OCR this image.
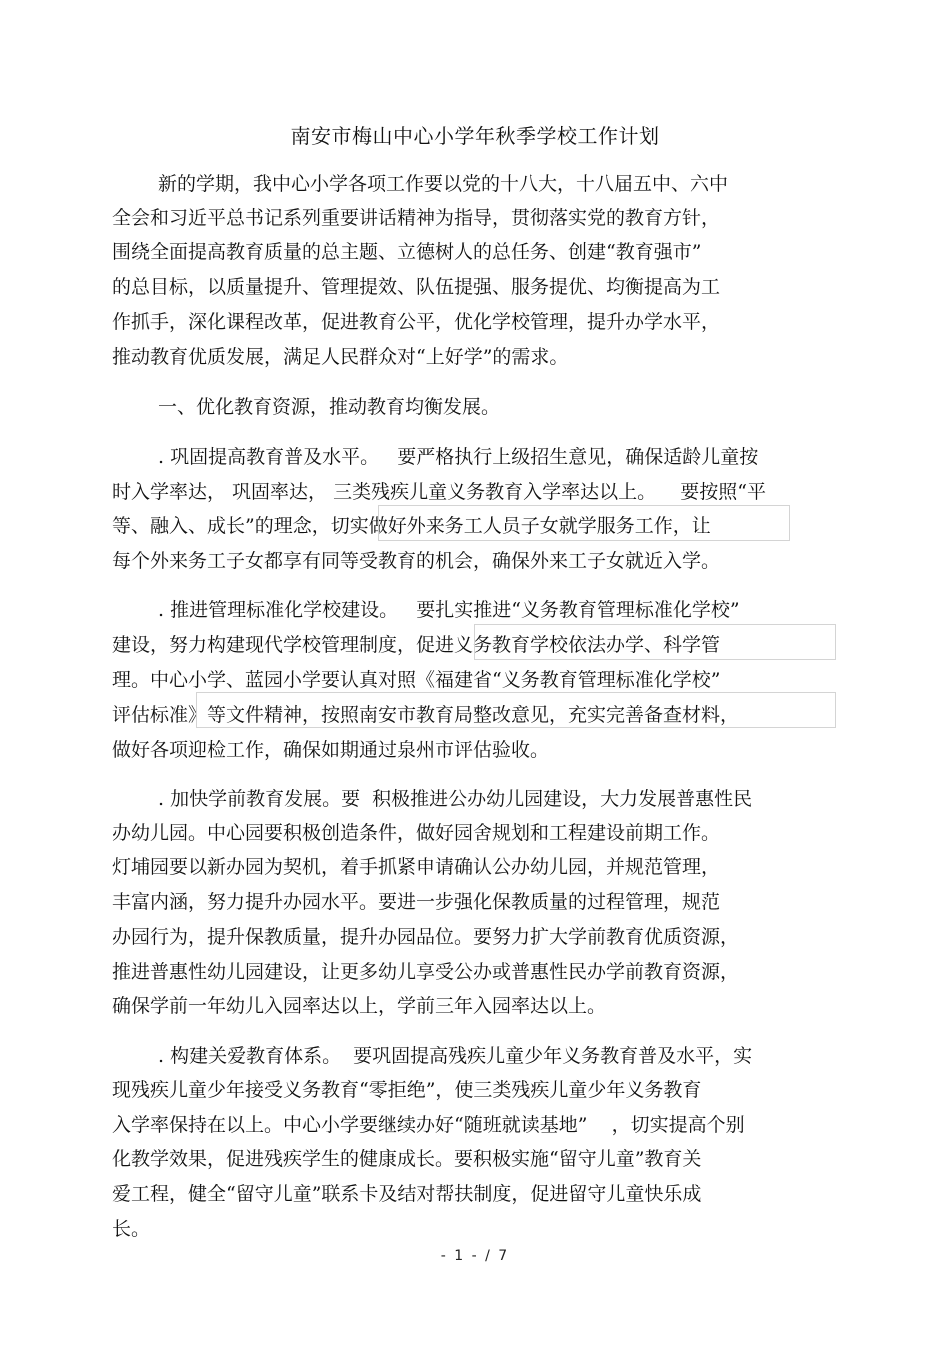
南安市梅山中心小学年秋季学校工作计划
新的学期，我中心小学各项工作要以党的十八大，十八届五中、六中
全会和习近平总书记系列重要讲话精神为指导，贯彻落实党的教育方针，
围绕全面提高教育质量的总主题、立德树人的总任务、创建“教育强市”
的总目标，以质量提升、管理提效、队伍提强、服务提优、均衡提高为工
作抓手，深化课程改革，促进教育公平，优化学校管理，提升办学水平，
推动教育优质发展，满足人民群众对“上好学”的需求。
一、优化教育资源，推动教育均衡发展。
. 巩固提高教育普及水平。   要严格执行上级招生意见，确保适龄儿童按
时入学率达， 巩固率达， 三类残疾儿童义务教育入学率达以上。    要按照“平
等、融入、成长”的理念，切实做好外来务工人员子女就学服务工作，让
每个外来务工子女都享有同等受教育的机会，确保外来工子女就近入学。
. 推进管理标准化学校建设。   要扎实推进“义务教育管理标准化学校”
建设，努力构建现代学校管理制度，促进义务教育学校依法办学、科学管
理。中心小学、蓝园小学要认真对照《福建省“义务教育管理标准化学校”
评估标准》等文件精神，按照南安市教育局整改意见，充实完善备查材料，
做好各项迎检工作，确保如期通过泉州市评估验收。
. 加快学前教育发展。要  积极推进公办幼儿园建设，大力发展普惠性民
办幼儿园。中心园要积极创造条件，做好园舍规划和工程建设前期工作。
灯埔园要以新办园为契机，着手抓紧申请确认公办幼儿园，并规范管理，
丰富内涵，努力提升办园水平。要进一步强化保教质量的过程管理，规范
办园行为，提升保教质量，提升办园品位。要努力扩大学前教育优质资源，
推进普惠性幼儿园建设，让更多幼儿享受公办或普惠性民办学前教育资源，
确保学前一年幼儿入园率达以上，学前三年入园率达以上。
. 构建关爱教育体系。  要巩固提高残疾儿童少年义务教育普及水平，实
现残疾儿童少年接受义务教育“零拒绝”，使三类残疾儿童少年义务教育
入学率保持在以上。中心小学要继续办好“随班就读基地”    ，切实提高个别
化教学效果，促进残疾学生的健康成长。要积极实施“留守儿童”教育关
爱工程，健全“留守儿童”联系卡及结对帮扶制度，促进留守儿童快乐成
长。
- 1 - / 7
